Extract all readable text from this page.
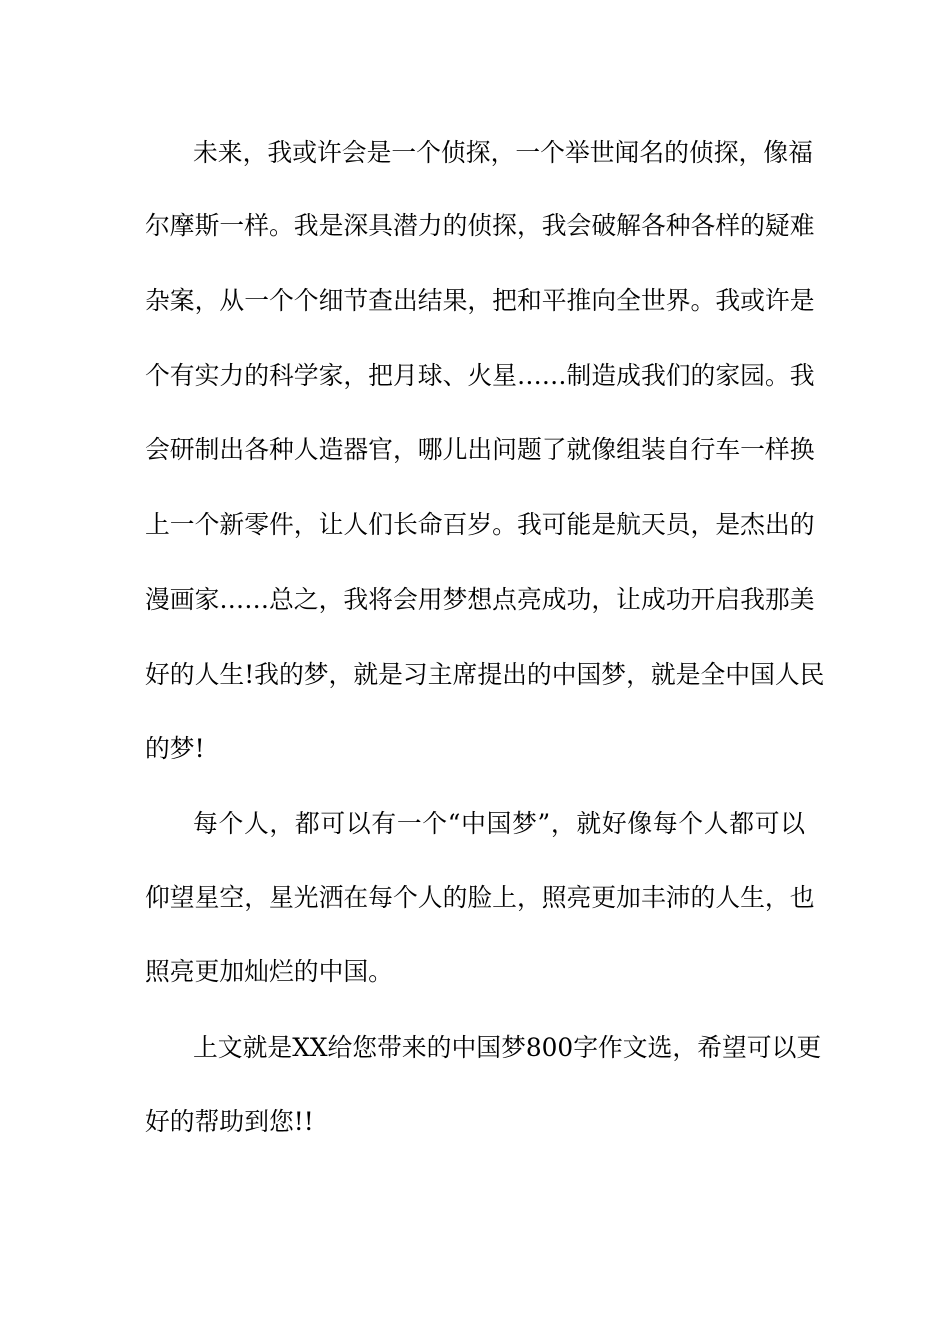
未来，我或许会是一个侦探，一个举世闻名的侦探，像福
尔摩斯一样。我是深具潜力的侦探，我会破解各种各样的疑难
杂案，从一个个细节查出结果，把和平推向全世界。我或许是
个有实力的科学家，把月球、火星……制造成我们的家园。我
会研制出各种人造器官，哪儿出问题了就像组装自行车一样换
上一个新零件，让人们长命百岁。我可能是航天员，是杰出的
漫画家……总之，我将会用梦想点亮成功，让成功开启我那美
好的人生!我的梦，就是习主席提出的中国梦，就是全中国人民
的梦!
每个人，都可以有一个“中国梦”，就好像每个人都可以
仰望星空，星光洒在每个人的脸上，照亮更加丰沛的人生，也
照亮更加灿烂的中国。
上文就是XX给您带来的中国梦800字作文选，希望可以更
好的帮助到您!!
